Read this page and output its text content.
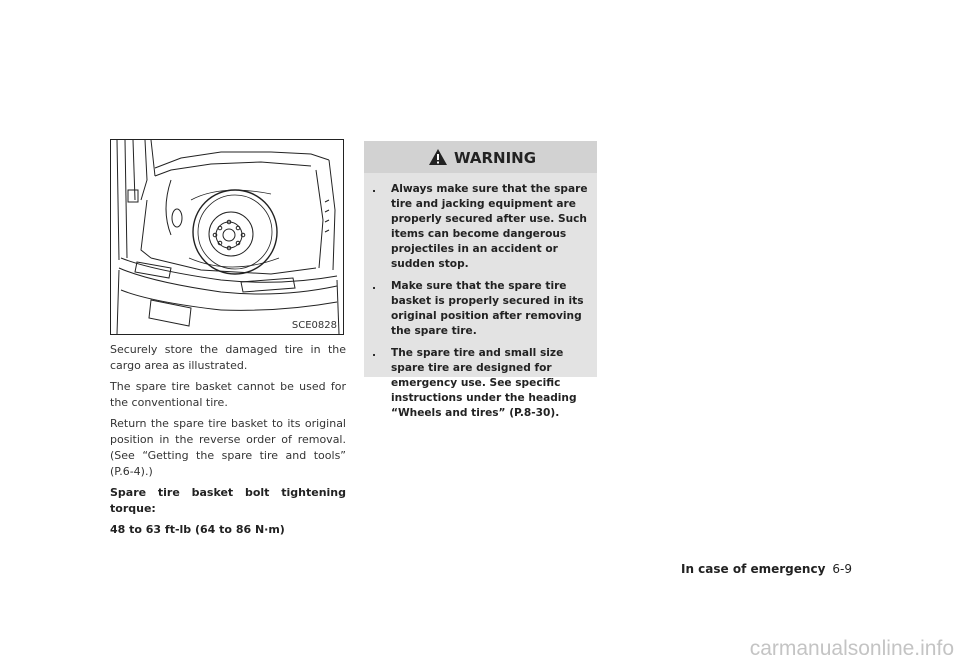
SCE0828

Securely store the damaged tire in the cargo area as illustrated.

The spare tire basket cannot be used for the conventional tire.

Return the spare tire basket to its original position in the reverse order of removal. (See “Getting the spare tire and tools” (P.6-4).)

Spare tire basket bolt tightening torque:

48 to 63 ft-lb (64 to 86 N·m)

WARNING
. Always make sure that the spare tire and jacking equipment are properly secured after use. Such items can become dangerous projectiles in an accident or sudden stop.
. Make sure that the spare tire basket is properly secured in its original position after removing the spare tire.
. The spare tire and small size spare tire are designed for emergency use. See specific instructions under the heading “Wheels and tires” (P.8-30).
In case of emergency 6-9
carmanualsonline.info
